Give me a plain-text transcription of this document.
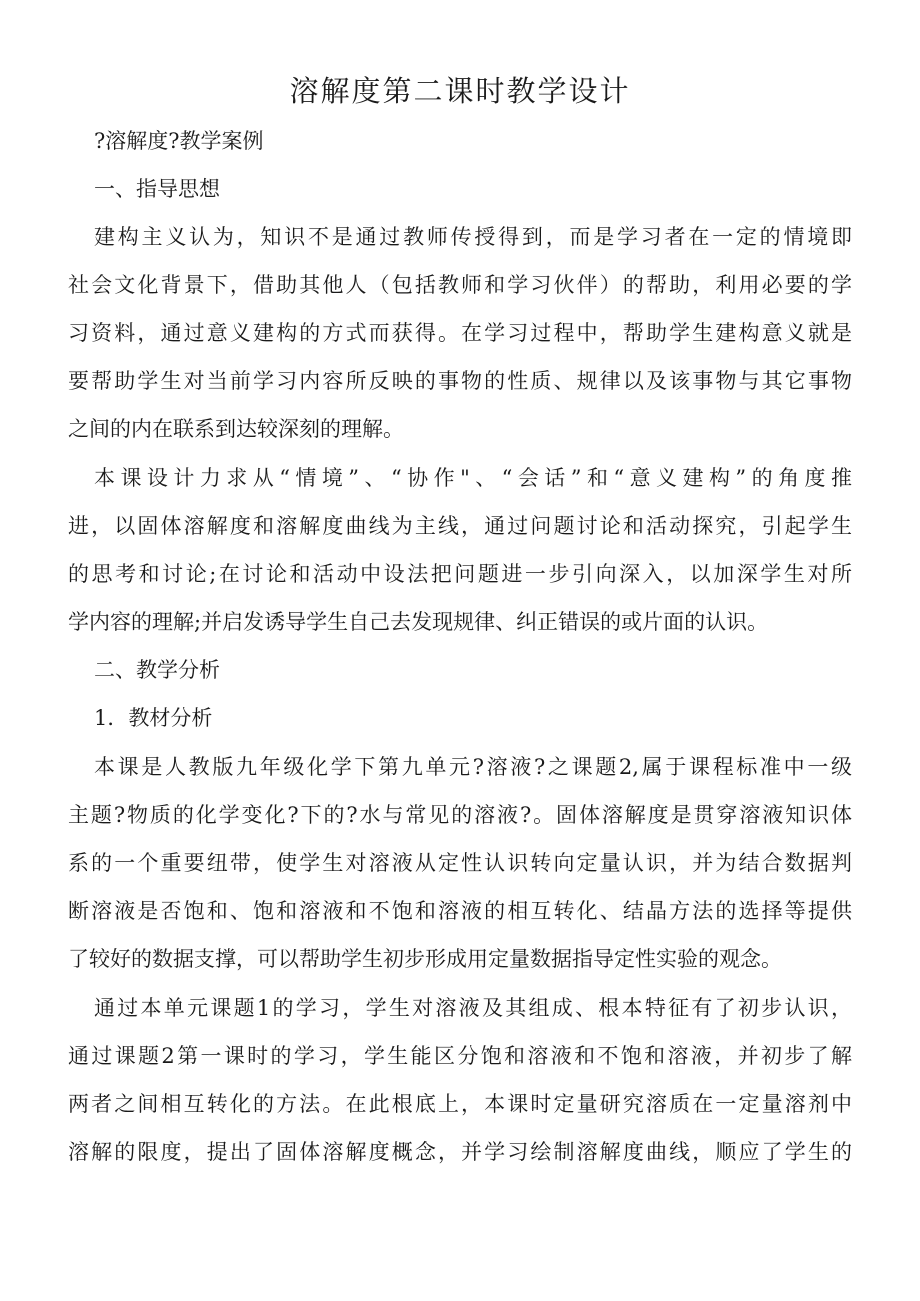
溶解度第二课时教学设计

?溶解度?教学案例

一、指导思想

建构主义认为，知识不是通过教师传授得到，而是学习者在一定的情境即

社会文化背景下，借助其他人（包括教师和学习伙伴）的帮助，利用必要的学

习资料，通过意义建构的方式而获得。在学习过程中，帮助学生建构意义就是

要帮助学生对当前学习内容所反映的事物的性质、规律以及该事物与其它事物

之间的内在联系到达较深刻的理解。

本课设计力求从“情境”、“协作"、“会话”和“意义建构”的角度推

进，以固体溶解度和溶解度曲线为主线，通过问题讨论和活动探究，引起学生

的思考和讨论;在讨论和活动中设法把问题进一步引向深入，以加深学生对所

学内容的理解;并启发诱导学生自己去发现规律、纠正错误的或片面的认识。

二、教学分析

1．教材分析

本课是人教版九年级化学下第九单元?溶液?之课题2,属于课程标准中一级

主题?物质的化学变化?下的?水与常见的溶液?。固体溶解度是贯穿溶液知识体

系的一个重要纽带，使学生对溶液从定性认识转向定量认识，并为结合数据判

断溶液是否饱和、饱和溶液和不饱和溶液的相互转化、结晶方法的选择等提供

了较好的数据支撑，可以帮助学生初步形成用定量数据指导定性实验的观念。

通过本单元课题1的学习，学生对溶液及其组成、根本特征有了初步认识，

通过课题2第一课时的学习，学生能区分饱和溶液和不饱和溶液，并初步了解

两者之间相互转化的方法。在此根底上，本课时定量研究溶质在一定量溶剂中

溶解的限度，提出了固体溶解度概念，并学习绘制溶解度曲线，顺应了学生的
